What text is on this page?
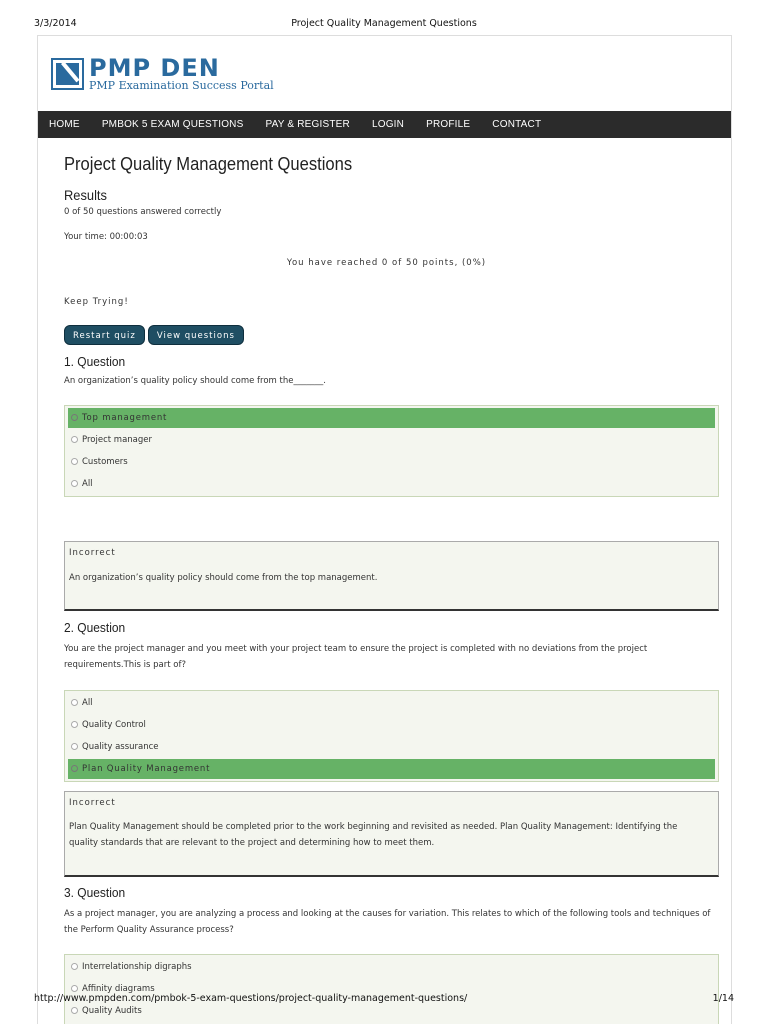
3/3/2014	Project Quality Management Questions
PMP DEN
PMP Examination Success Portal
HOME PMBOK 5 EXAM QUESTIONS PAY & REGISTER LOGIN PROFILE CONTACT
Project Quality Management Questions
Results
0 of 50 questions answered correctly
Your time: 00:00:03
You have reached 0 of 50 points, (0%)
Keep Trying!
Restart quiz	View questions
1. Question
An organization’s quality policy should come from the_______.
Top management
Project manager
Customers
All
Incorrect
An organization’s quality policy should come from the top management.
2. Question
You are the project manager and you meet with your project team to ensure the project is completed with no deviations from the project requirements.This is part of?
All
Quality Control
Quality assurance
Plan Quality Management
Incorrect
Plan Quality Management should be completed prior to the work beginning and revisited as needed. Plan Quality Management: Identifying the quality standards that are relevant to the project and determining how to meet them.
3. Question
As a project manager, you are analyzing a process and looking at the causes for variation. This relates to which of the following tools and techniques of the Perform Quality Assurance process?
Interrelationship digraphs
Affinity diagrams
Quality Audits
http://www.pmpden.com/pmbok-5-exam-questions/project-quality-management-questions/	1/14
